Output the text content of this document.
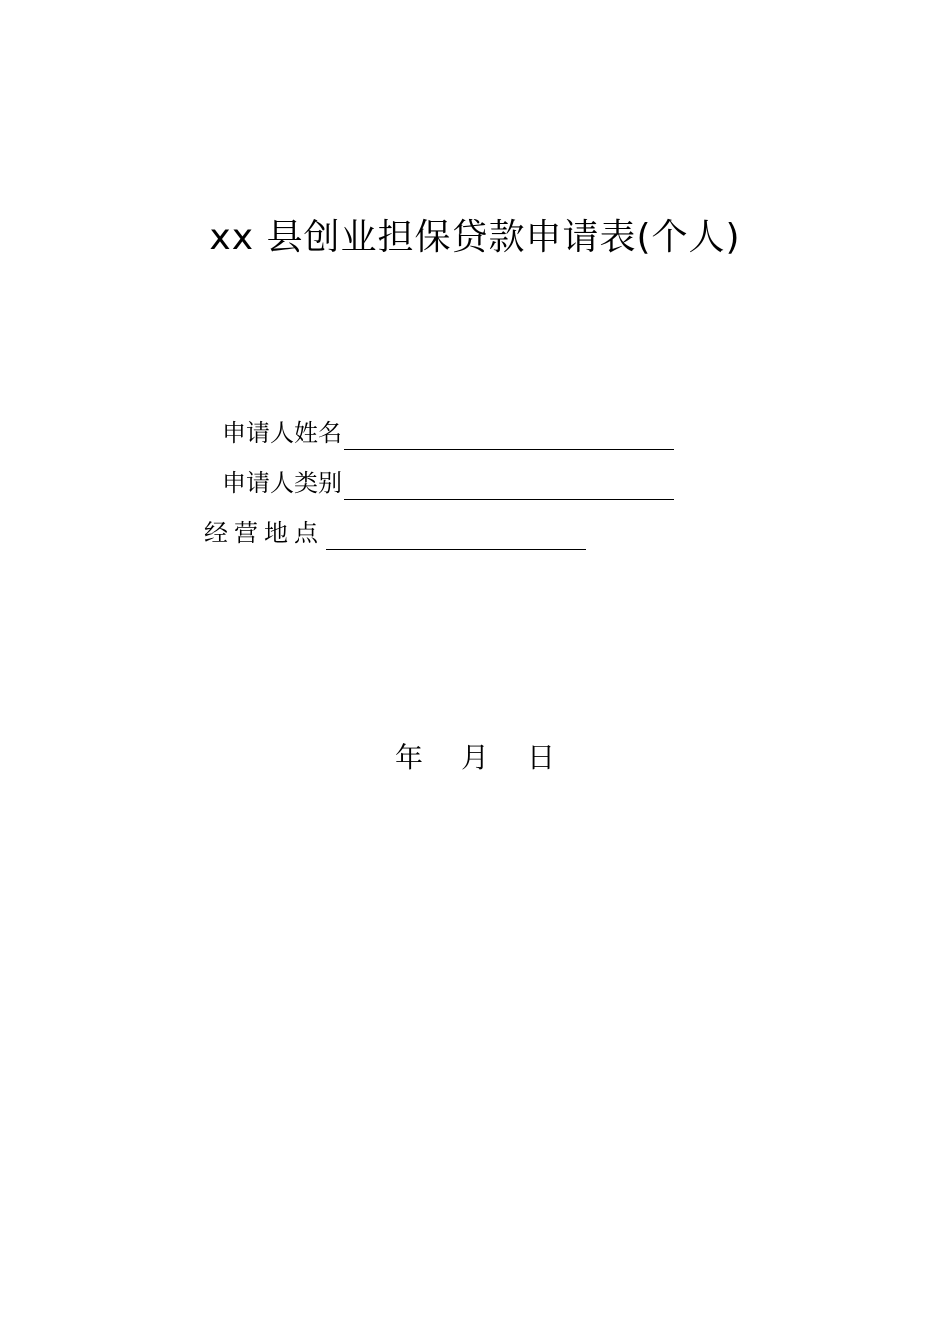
xx 县创业担保贷款申请表(个人)
申请人姓名
申请人类别
经营地点
年 月 日
